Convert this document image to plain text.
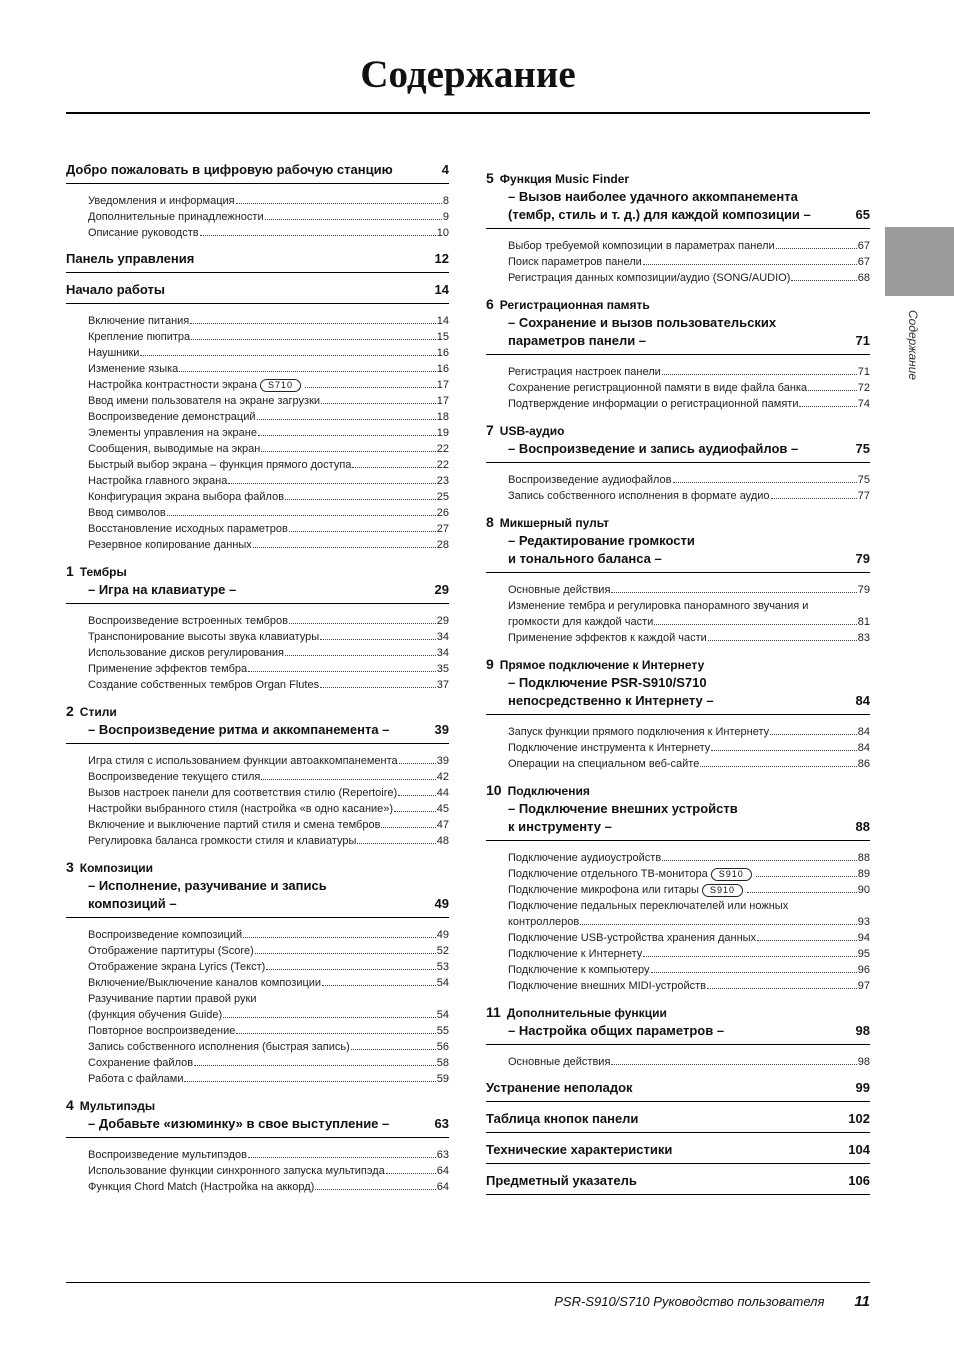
Содержание
Добро пожаловать в цифровую рабочую станцию	4
Уведомления и информация	8
Дополнительные принадлежности	9
Описание руководств	10
Панель управления	12
Начало работы	14
Включение питания	14
Крепление пюпитра	15
Наушники	16
Изменение языка	16
Настройка контрастности экрана	S710	17
Ввод имени пользователя на экране загрузки	17
Воспроизведение демонстраций	18
Элементы управления на экране	19
Сообщения, выводимые на экран	22
Быстрый выбор экрана – функция прямого доступа	22
Настройка главного экрана	23
Конфигурация экрана выбора файлов	25
Ввод символов	26
Восстановление исходных параметров	27
Резервное копирование данных	28
1 Тембры
– Игра на клавиатуре –	29
Воспроизведение встроенных тембров	29
Транспонирование высоты звука клавиатуры	34
Использование дисков регулирования	34
Применение эффектов тембра	35
Создание собственных тембров Organ Flutes	37
2 Стили
– Воспроизведение ритма и аккомпанемента –	39
Игра стиля с использованием функции автоаккомпанемента	39
Воспроизведение текущего стиля	42
Вызов настроек панели для соответствия стилю (Repertoire)	44
Настройки выбранного стиля (настройка «в одно касание»)	45
Включение и выключение партий стиля и смена тембров	47
Регулировка баланса громкости стиля и клавиатуры	48
3 Композиции
– Исполнение, разучивание и запись
композиций –	49
Воспроизведение композиций	49
Отображение партитуры (Score)	52
Отображение экрана Lyrics (Текст)	53
Включение/Выключение каналов композиции	54
Разучивание партии правой руки
(функция обучения Guide)	54
Повторное воспроизведение	55
Запись собственного исполнения (быстрая запись)	56
Сохранение файлов	58
Работа с файлами	59
4 Мультипэды
– Добавьте «изюминку» в свое выступление –	63
Воспроизведение мультипэдов	63
Использование функции синхронного запуска мультипэда	64
Функция Chord Match (Настройка на аккорд)	64
5 Функция Music Finder
– Вызов наиболее удачного аккомпанемента
(тембр, стиль и т. д.) для каждой композиции –	65
Выбор требуемой композиции в параметрах панели	67
Поиск параметров панели	67
Регистрация данных композиции/аудио (SONG/AUDIO)	68
6 Регистрационная память
– Сохранение и вызов пользовательских
параметров панели –	71
Регистрация настроек панели	71
Сохранение регистрационной памяти в виде файла банка	72
Подтверждение информации о регистрационной памяти	74
7 USB-аудио
– Воспроизведение и запись аудиофайлов –	75
Воспроизведение аудиофайлов	75
Запись собственного исполнения в формате аудио	77
8 Микшерный пульт
– Редактирование громкости
и тонального баланса –	79
Основные действия	79
Изменение тембра и регулировка панорамного звучания и
громкости для каждой части	81
Применение эффектов к каждой части	83
9 Прямое подключение к Интернету
– Подключение PSR-S910/S710
непосредственно к Интернету –	84
Запуск функции прямого подключения к Интернету	84
Подключение инструмента к Интернету	84
Операции на специальном веб-сайте	86
10 Подключения
– Подключение внешних устройств
к инструменту –	88
Подключение аудиоустройств	88
Подключение отдельного ТВ-монитора	S910	89
Подключение микрофона или гитары	S910	90
Подключение педальных переключателей или ножных
контроллеров	93
Подключение USB-устройства хранения данных	94
Подключение к Интернету	95
Подключение к компьютеру	96
Подключение внешних MIDI-устройств	97
11 Дополнительные функции
– Настройка общих параметров –	98
Основные действия	98
Устранение неполадок	99
Таблица кнопок панели	102
Технические характеристики	104
Предметный указатель	106
Содержание
PSR-S910/S710 Руководство пользователя 11
